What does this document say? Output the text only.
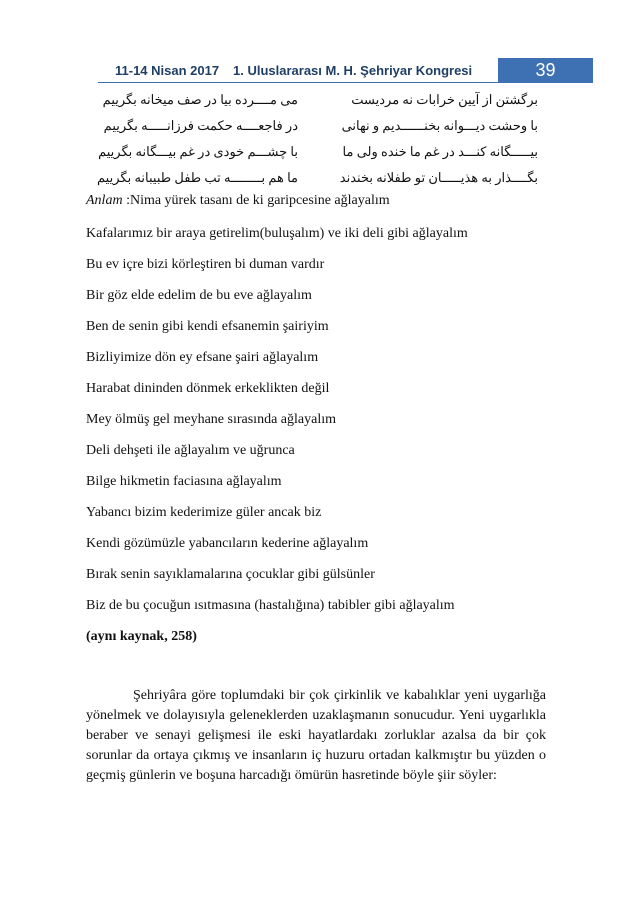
11-14 Nisan 2017 1. Uluslararası M. H. Şehriyar Kongresi	39
برگشتن از آیین خرابات نه مردیست
می مــــرده بیا در صف میخانه بگرییم
با وحشت دیـــوانه بخنــــــدیم و نهانی
در فاجعــــه حکمت فرزانـــــه بگرییم
بیـــــگانه کنـــد در غم ما خنده ولی ما
با چشـــم خودی در غم بیـــگانه بگرییم
بگــــذار به هذیـــــان تو طفلانه بخندند
ما هم بــــــــه تب طفل طبیبانه بگرییم
Anlam :Nima yürek tasanı de ki garipcesine ağlayalım
Kafalarımız bir araya getirelim(buluşalım) ve iki deli gibi ağlayalım
Bu ev içre bizi körleştiren bi duman vardır
Bir göz elde edelim de bu eve ağlayalım
Ben de senin gibi kendi efsanemin şairiyim
Bizliyimize dön ey efsane şairi ağlayalım
Harabat dininden dönmek erkeklikten değil
Mey ölmüş gel meyhane sırasında ağlayalım
Deli dehşeti ile ağlayalım ve uğrunca
Bilge hikmetin faciasına ağlayalım
Yabancı bizim kederimize güler ancak biz
Kendi gözümüzle yabancıların kederine ağlayalım
Bırak senin sayıklamalarına çocuklar gibi gülsünler
Biz de bu çocuğun ısıtmasına (hastalığına) tabibler gibi ağlayalım
(aynı kaynak, 258)
Şehriyâra göre toplumdaki bir çok çirkinlik ve kabalıklar yeni uygarlığa yönelmek ve dolayısıyla geleneklerden uzaklaşmanın sonucudur. Yeni uygarlıkla beraber ve senayi gelişmesi ile eski hayatlardakı zorluklar azalsa da bir çok sorunlar da ortaya çıkmış ve insanların iç huzuru ortadan kalkmıştır bu yüzden o geçmiş günlerin ve boşuna harcadığı ömürün hasretinde böyle şiir söyler:
